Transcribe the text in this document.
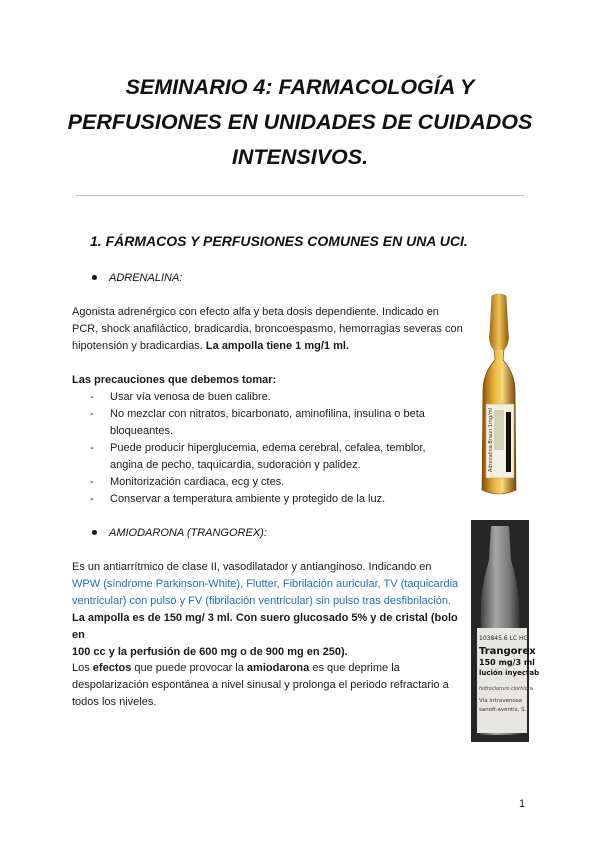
SEMINARIO 4: FARMACOLOGÍA Y
PERFUSIONES EN UNIDADES DE CUIDADOS
INTENSIVOS.
1. FÁRMACOS Y PERFUSIONES COMUNES EN UNA UCI.
ADRENALINA:
Agonista adrenérgico con efecto alfa y beta dosis dependiente. Indicado en
PCR, shock anafiláctico, bradicardia, broncoespasmo, hemorragias severas con
hipotensión y bradicardias. La ampolla tiene 1 mg/1 ml.
Las precauciones que debemos tomar:
- Usar vía venosa de buen calibre.
- No mezclar con nitratos, bicarbonato, aminofilina, insulina o beta
bloqueantes.
- Puede producir hiperglucemia, edema cerebral, cefalea, temblor,
angina de pecho, taquicardia, sudoración y palidez.
- Monitorización cardiaca, ecg y ctes.
- Conservar a temperatura ambiente y protegido de la luz.
AMIODARONA (TRANGOREX):
Es un antiarrítmico de clase II, vasodilatador y antianginoso. Indicando en
WPW (síndrome Parkinson-White), Flutter, Fibrilación auricular, TV (taquicardia
ventricular) con pulso y FV (fibrilación ventricular) sin pulso tras desfibrilación.
La ampolla es de 150 mg/ 3 ml. Con suero glucosado 5% y de cristal (bolo en
100 cc y la perfusión de 600 mg o de 900 mg en 250).
Los efectos que puede provocar la amiodarona es que deprime la
despolarización espontánea a nivel sinusal y prolonga el periodo refractario a
todos los niveles.
Adrenalina Braun 1mg/ml
103845.6 LC HG
Trangorex
150 mg/3 ml
lución inyectab
hidrocloruro clorhidra
Vía intravenosa
sanofi-aventis, S.
1
